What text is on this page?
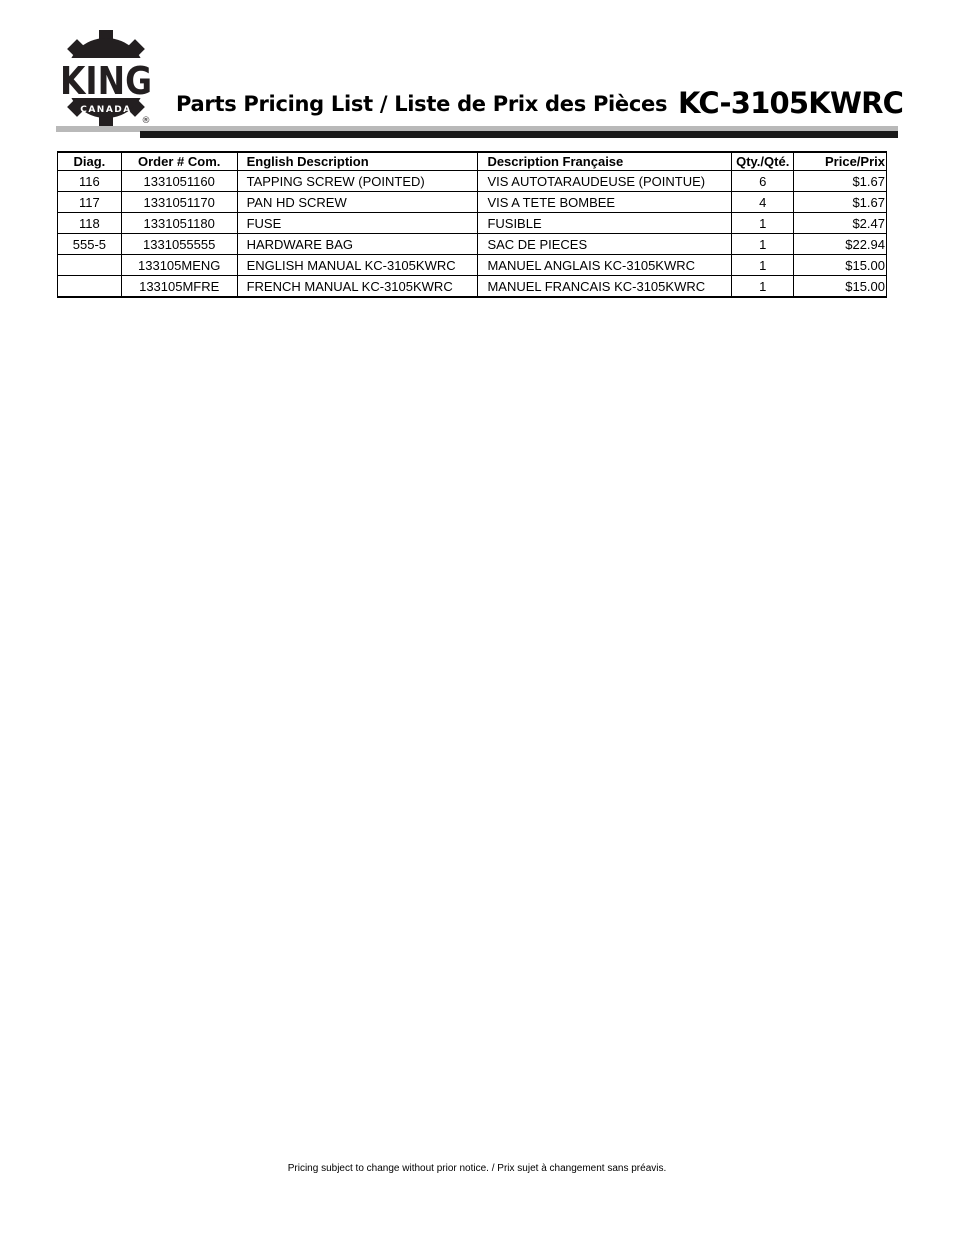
KING
CANADA
®
Parts Pricing List / Liste de Prix des Pièces KC-3105KWRC
Diag.	Order # Com.	English Description	Description Française	Qty./Qté.	Price/Prix
116	1331051160	TAPPING SCREW (POINTED)	VIS AUTOTARAUDEUSE (POINTUE)	6	$1.67
117	1331051170	PAN HD SCREW	VIS A TETE BOMBEE	4	$1.67
118	1331051180	FUSE	FUSIBLE	1	$2.47
555-5	1331055555	HARDWARE BAG	SAC DE PIECES	1	$22.94
	133105MENG	ENGLISH MANUAL KC-3105KWRC	MANUEL ANGLAIS KC-3105KWRC	1	$15.00
	133105MFRE	FRENCH MANUAL KC-3105KWRC	MANUEL FRANCAIS KC-3105KWRC	1	$15.00
Pricing subject to change without prior notice. / Prix sujet à changement sans préavis.
